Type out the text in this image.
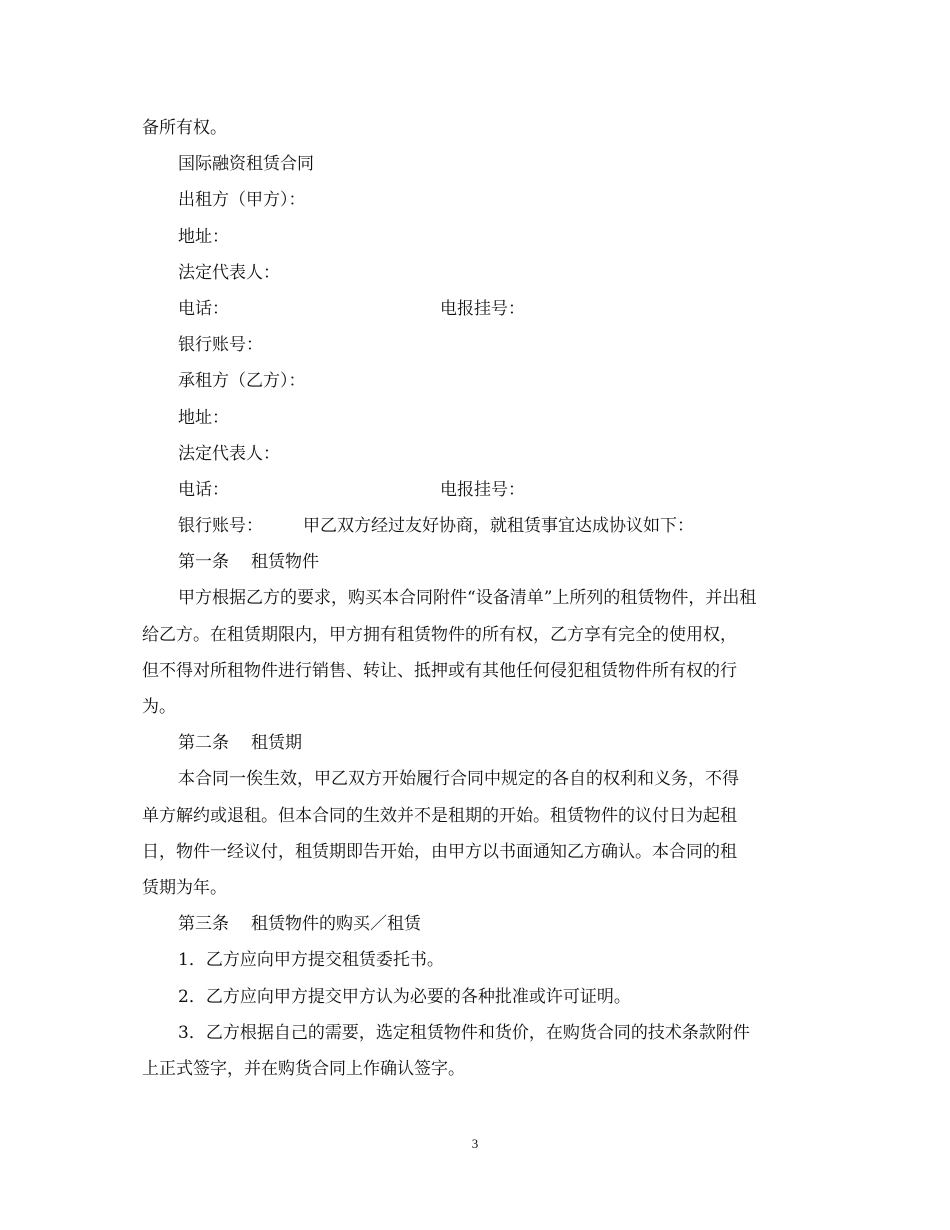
备所有权。
国际融资租赁合同
出租方（甲方）：
地址：
法定代表人：
电话：	电报挂号：
银行账号：
承租方（乙方）：
地址：
法定代表人：
电话：	电报挂号：
银行账号： 甲乙双方经过友好协商，就租赁事宜达成协议如下：
第一条 租赁物件
甲方根据乙方的要求，购买本合同附件“设备清单”上所列的租赁物件，并出租
给乙方。在租赁期限内，甲方拥有租赁物件的所有权，乙方享有完全的使用权，
但不得对所租物件进行销售、转让、抵押或有其他任何侵犯租赁物件所有权的行
为。
第二条 租赁期
本合同一俟生效，甲乙双方开始履行合同中规定的各自的权利和义务，不得
单方解约或退租。但本合同的生效并不是租期的开始。租赁物件的议付日为起租
日，物件一经议付，租赁期即告开始，由甲方以书面通知乙方确认。本合同的租
赁期为年。
第三条 租赁物件的购买／租赁
1．乙方应向甲方提交租赁委托书。
2．乙方应向甲方提交甲方认为必要的各种批准或许可证明。
3．乙方根据自己的需要，选定租赁物件和货价，在购货合同的技术条款附件
上正式签字，并在购货合同上作确认签字。
3
